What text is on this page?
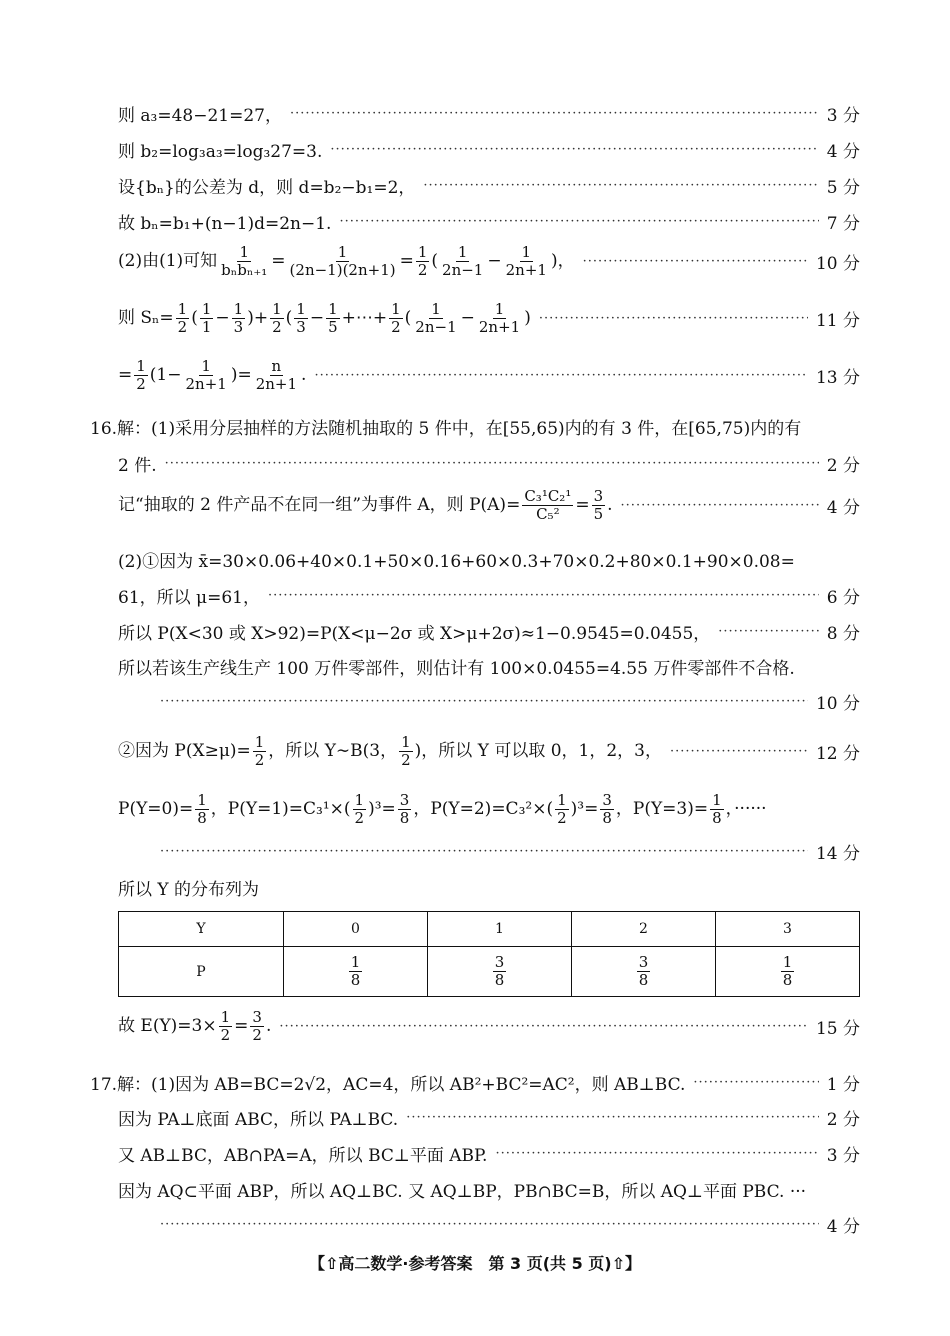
则 a₃=48−21=27， ·····	3 分
则 b₂=log₃a₃=log₃27=3. ·····	4 分
设{bₙ}的公差为 d，则 d=b₂−b₁=2， ·····	5 分
故 bₙ=b₁+(n−1)d=2n−1. ·····	7 分
(2)由(1)可知 $\frac{1}{\text{bₙbₙ₊₁}} = \frac{1}{(2n-1)(2n+1)} = \frac{1}{2}$ ( $\frac{1}{2n-1} - \frac{1}{2n+1}$ )， ·····	10 分
则 $S_n= \frac{1}{2}$ ( $\frac{1}{1} - \frac{1}{3}$ )+ $\frac{1}{2}$ ( $\frac{1}{3} - \frac{1}{5}$ +⋯+ $\frac{1}{2}$ ( $\frac{1}{2n-1} - \frac{1}{2n+1}$ ) ·····	11 分
= $\frac{1}{2} (1- \frac{1}{2n+1}$ )= $\frac{n}{2n+1}$ . ·····	13 分
16.解：(1)采用分层抽样的方法随机抽取的 5 件中，在[55,65)内的有 3 件，在[65,75)内的有
2 件. ·····	2 分
记“抽取的 2 件产品不在同一组”为事件 A，则 $P(A)= \frac{\text{C₃¹C₂¹}}{\text{C₅²}} = \frac{3}{5}$ . ·····	4 分
(2)①因为 x̄=30×0.06+40×0.1+50×0.16+60×0.3+70×0.2+80×0.1+90×0.08=
61，所以 μ=61， ·····	6 分
所以 P(X<30 或 X>92)=P(X<μ−2σ 或 X>μ+2σ)≈1−0.9545=0.0455， ·····	8 分
所以若该生产线生产 100 万件零部件，则估计有 100×0.0455=4.55 万件零部件不合格.
·····
10 分
②因为 $P(X\ge\mu)= \frac{1}{2}$ ，所以 Y∼B(3， $\frac{1}{2}$ )，所以 Y 可以取 0，1，2，3， ·····	12 分
$P(Y=0)= \frac{1}{8}$ ，$P(Y=1)=C_3^1\times( \frac{1}{2} )^3= \frac{3}{8}$ ，$P(Y=2)=C_3^2\times( \frac{1}{2} )^3= \frac{3}{8}$ ，$P(Y=3)= \frac{1}{8}$ ，······
·····
14 分
所以 Y 的分布列为
Y	0	1	2	3
P	$\frac{1}{8}$	$\frac{3}{8}$	$\frac{3}{8}$	$\frac{1}{8}$
故 $E(Y)=3\times \frac{1}{2} = \frac{3}{2}$ . ·····	15 分
17.解：(1)因为 AB=BC=2√2，AC=4，所以 AB²+BC²=AC²，则 AB⊥BC. ·····	1 分
因为 PA⊥底面 ABC，所以 PA⊥BC. ·····	2 分
又 AB⊥BC，AB∩PA=A，所以 BC⊥平面 ABP. ·····	3 分
因为 AQ⊂平面 ABP，所以 AQ⊥BC. 又 AQ⊥BP，PB∩BC=B，所以 AQ⊥平面 PBC. ···
·····
4 分
【⇧高二数学·参考答案　第 3 页(共 5 页)⇧】
